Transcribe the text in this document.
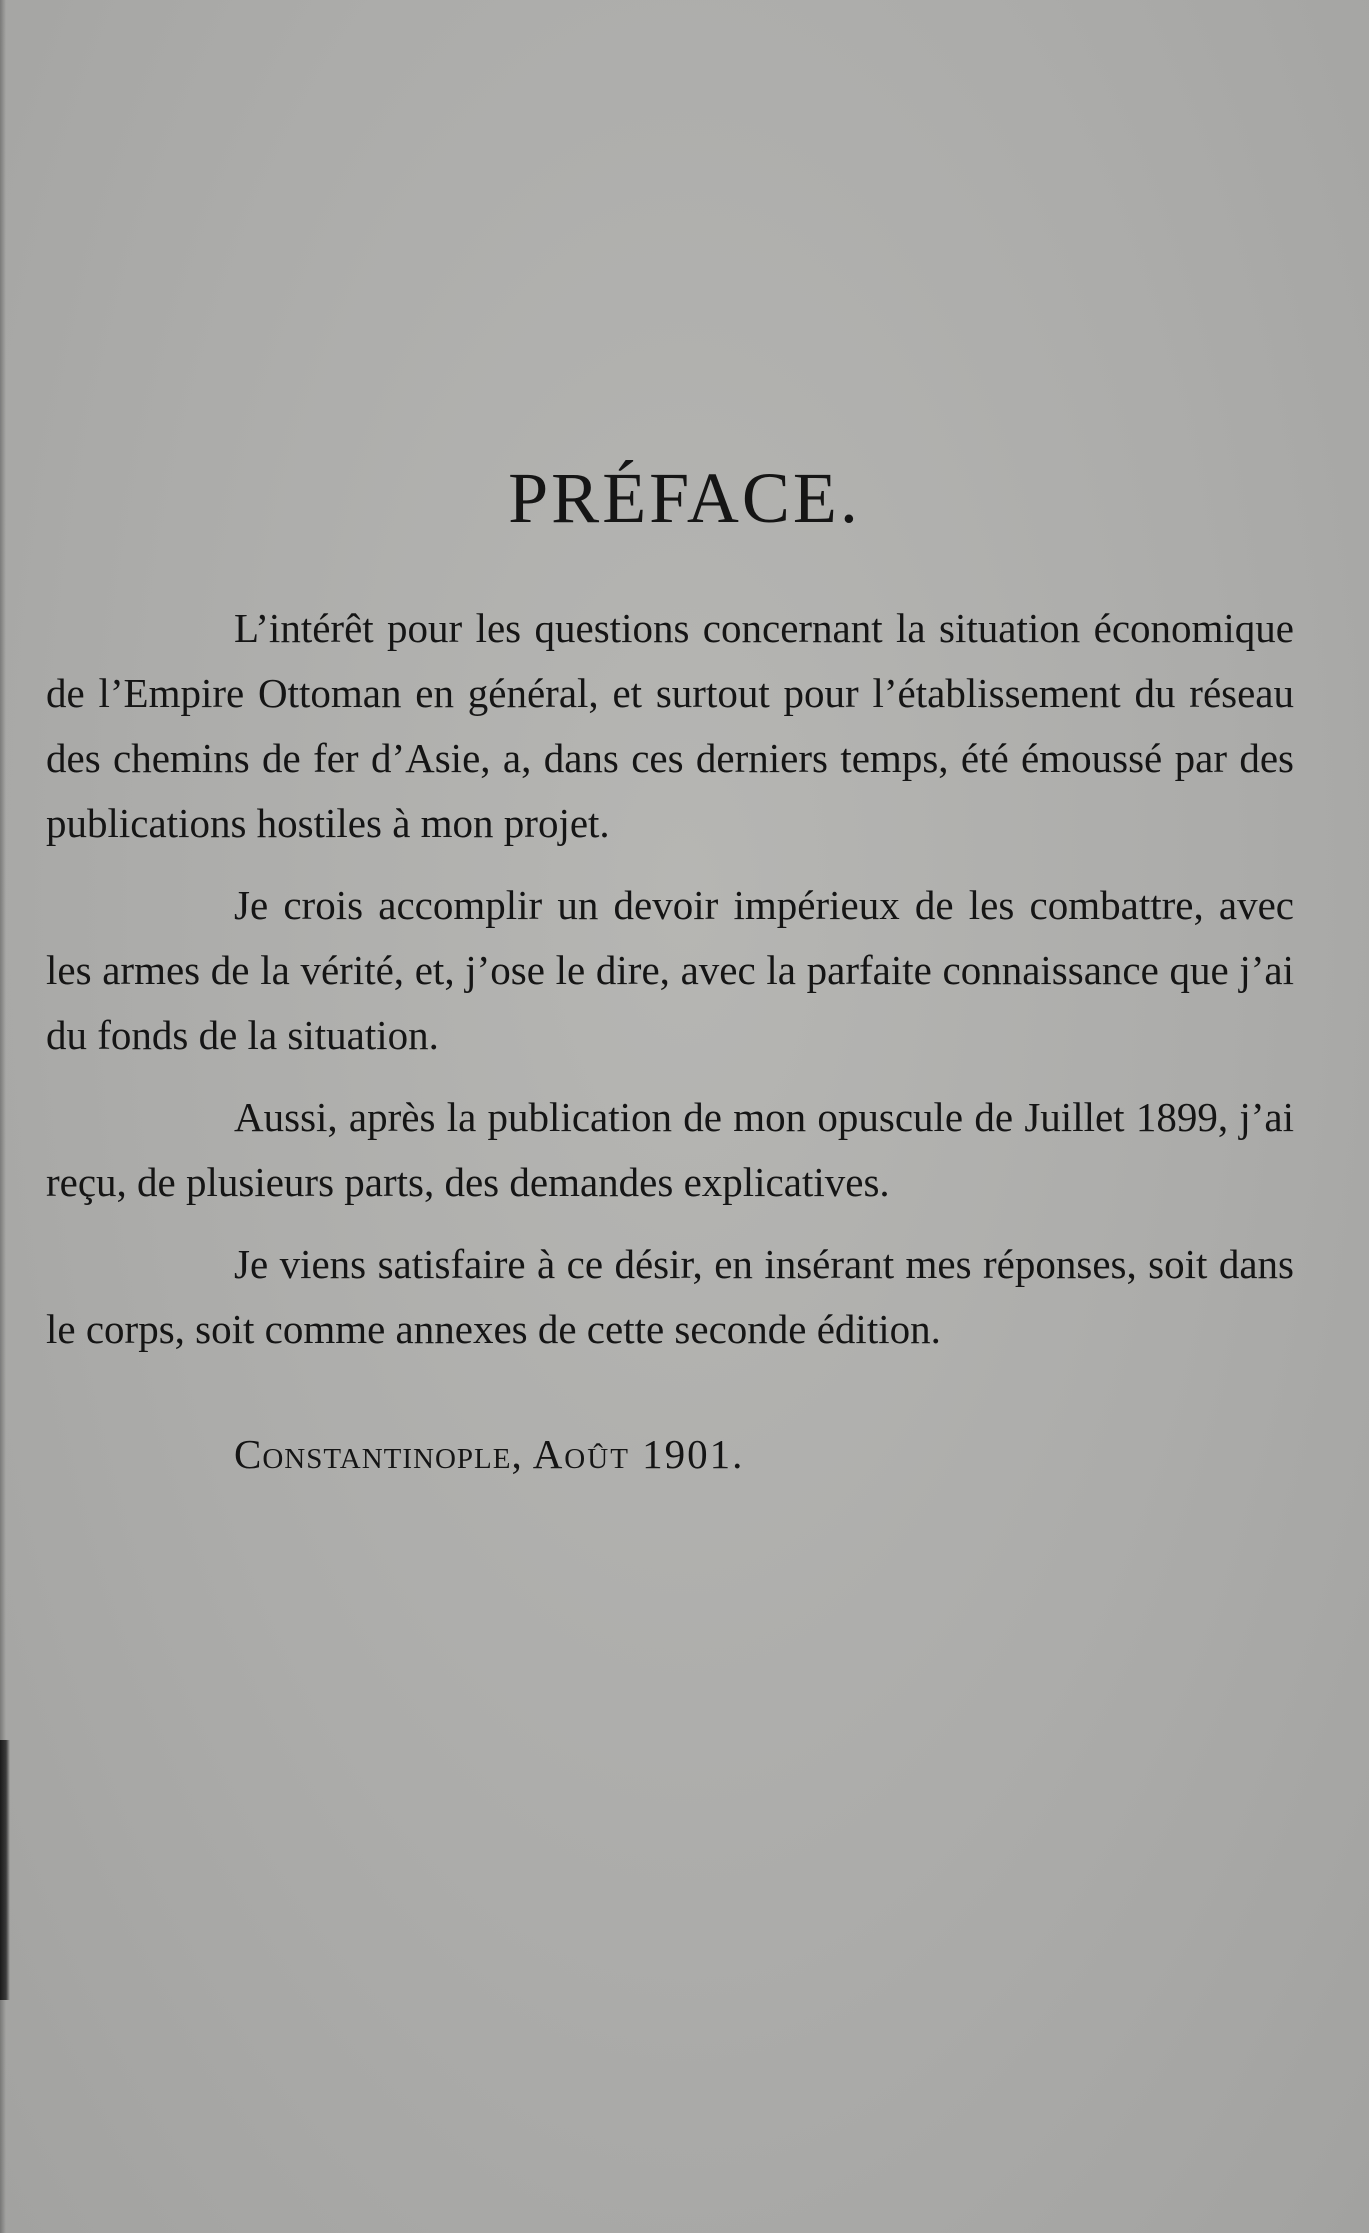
PRÉFACE.

L’intérêt pour les questions concernant la situation économique de l’Empire Ottoman en général, et surtout pour l’établissement du réseau des chemins de fer d’Asie, a, dans ces derniers temps, été émoussé par des publications hostiles à mon projet.

Je crois accomplir un devoir impérieux de les combattre, avec les armes de la vérité, et, j’ose le dire, avec la parfaite connaissance que j’ai du fonds de la situation.

Aussi, après la publication de mon opuscule de Juillet 1899, j’ai reçu, de plusieurs parts, des demandes explicatives.

Je viens satisfaire à ce désir, en insérant mes réponses, soit dans le corps, soit comme annexes de cette seconde édition.

Constantinople, Août 1901.
